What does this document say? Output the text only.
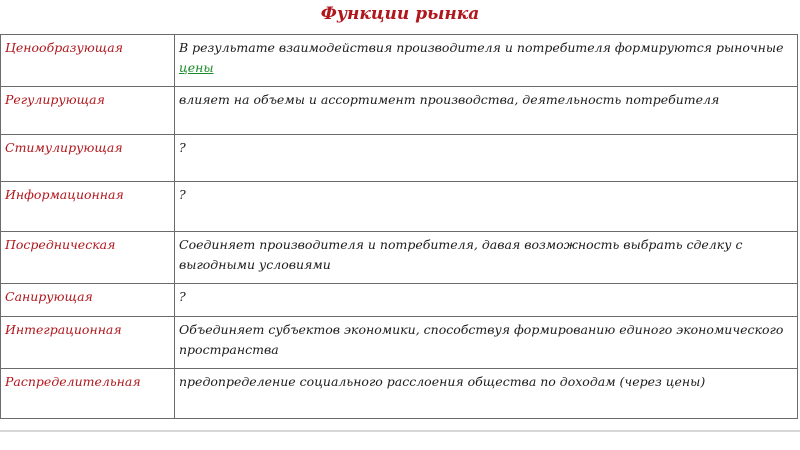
Функции рынка
Ценообразующая	В результате взаимодействия производителя и потребителя формируются рыночные цены
Регулирующая	влияет на объемы и ассортимент производства, деятельность потребителя
Стимулирующая	?
Информационная	?
Посредническая	Соединяет производителя и потребителя, давая возможность выбрать сделку с выгодными условиями
Санирующая	?
Интеграционная	Объединяет субъектов экономики, способствуя формированию единого экономического пространства
Распределительная	предопределение социального расслоения общества по доходам (через цены)
